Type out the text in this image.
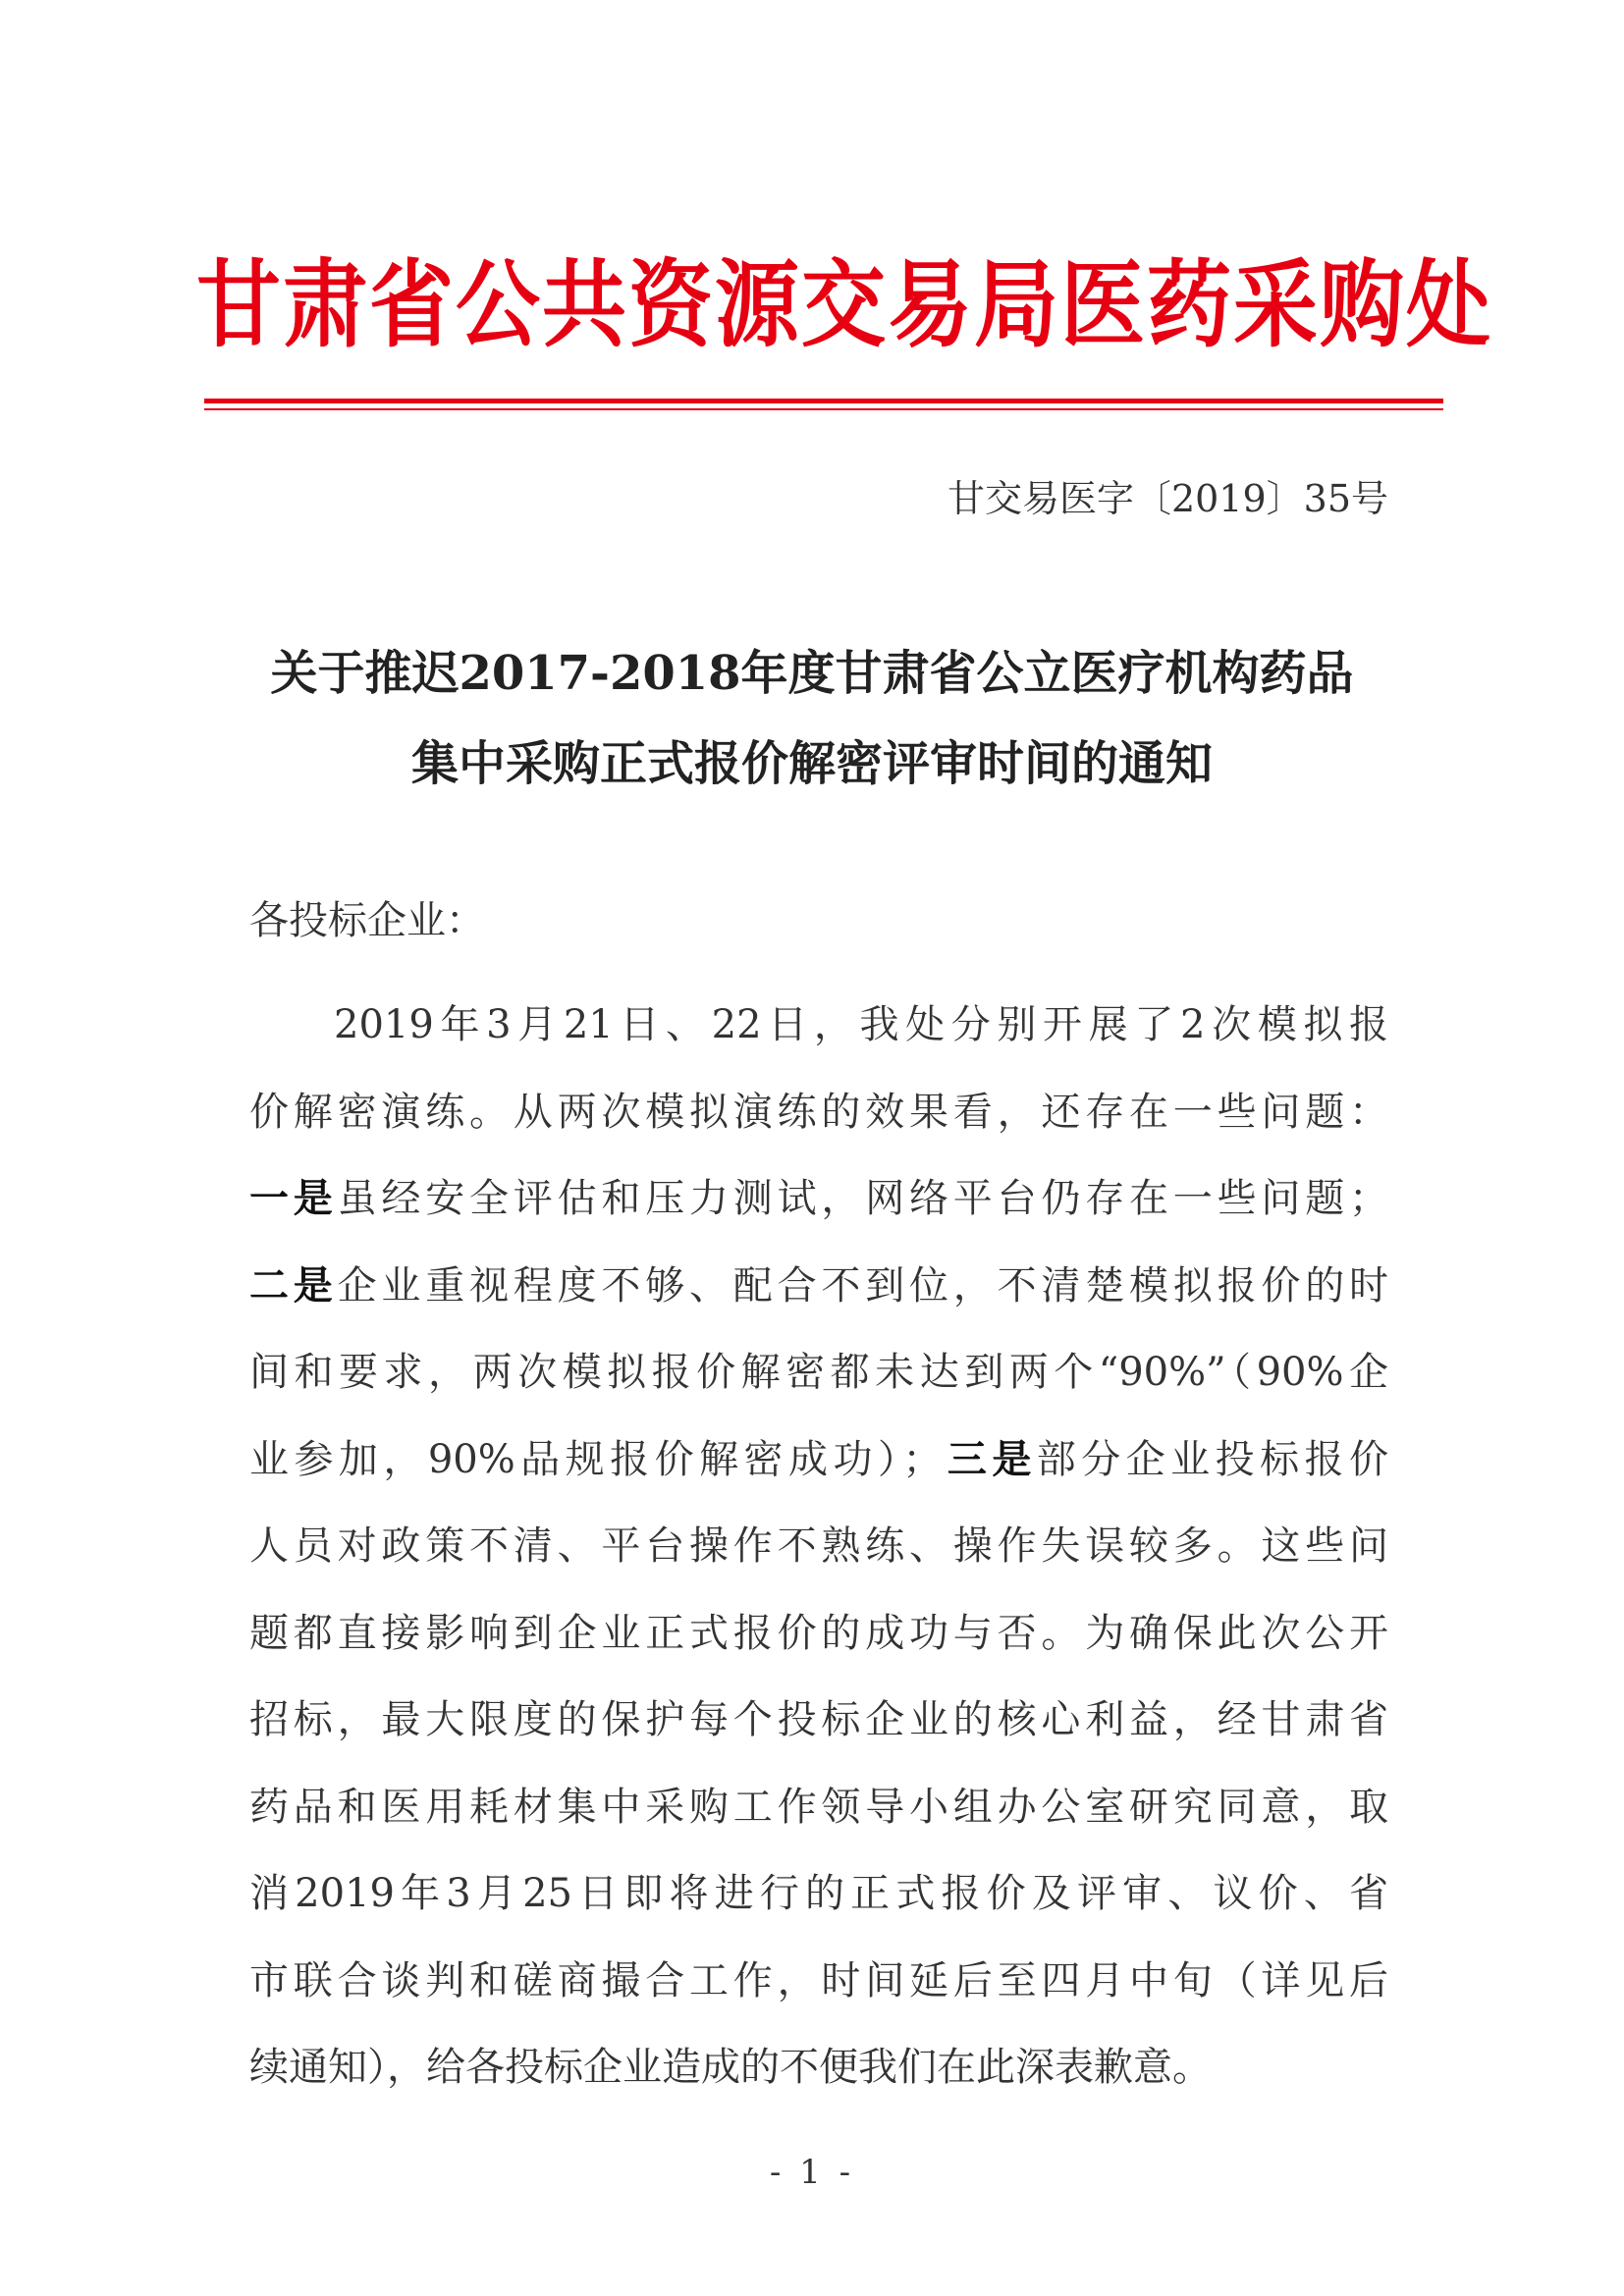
甘肃省公共资源交易局医药采购处
甘交易医字〔2019〕35号
关于推迟2017-2018年度甘肃省公立医疗机构药品
集中采购正式报价解密评审时间的通知
各投标企业：
2019年3月21日、22日，我处分别开展了2次模拟报
价解密演练。从两次模拟演练的效果看，还存在一些问题：
一是虽经安全评估和压力测试，网络平台仍存在一些问题；
二是企业重视程度不够、配合不到位，不清楚模拟报价的时
间和要求，两次模拟报价解密都未达到两个“90%”（90%企
业参加，90%品规报价解密成功）；三是部分企业投标报价
人员对政策不清、平台操作不熟练、操作失误较多。这些问
题都直接影响到企业正式报价的成功与否。为确保此次公开
招标，最大限度的保护每个投标企业的核心利益，经甘肃省
药品和医用耗材集中采购工作领导小组办公室研究同意，取
消2019年3月25日即将进行的正式报价及评审、议价、省
市联合谈判和磋商撮合工作，时间延后至四月中旬（详见后
续通知），给各投标企业造成的不便我们在此深表歉意。
- 1 -
